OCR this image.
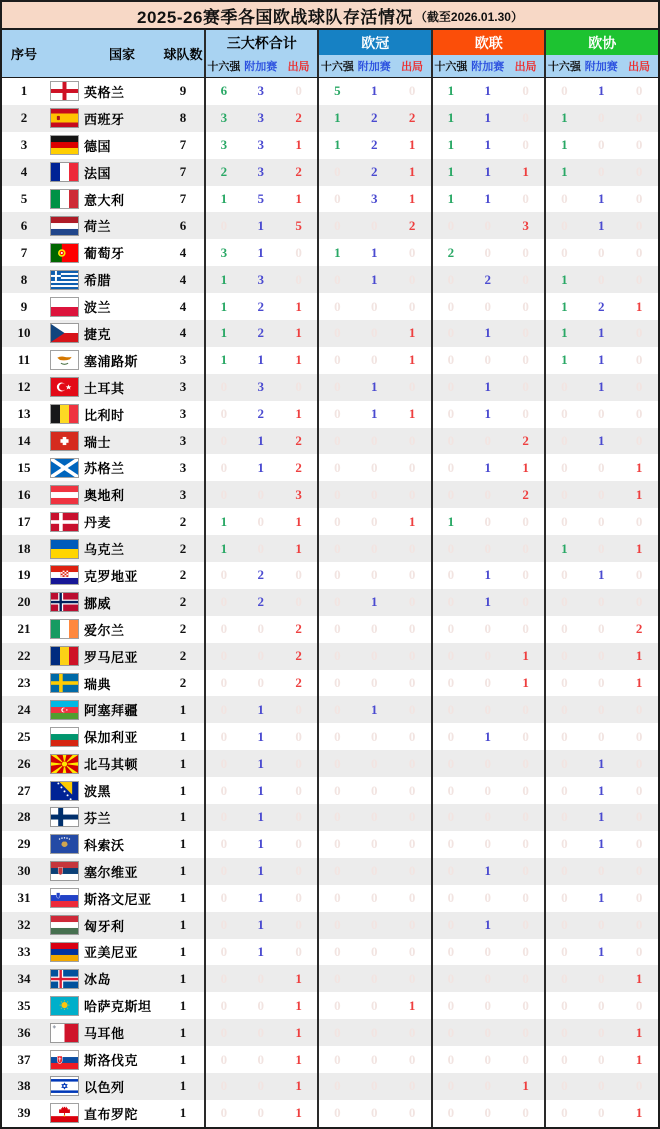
2025-26赛季各国欧战球队存活情况 （截至2026.01.30）
序号	国家	球队数
三大杯合计	欧冠	欧联	欧协
十六强 附加赛 出局	十六强 附加赛 出局	十六强 附加赛 出局	十六强 附加赛 出局
1	英格兰	9	6	3	0	5	1	0	1	1	0	0	1	0
2	西班牙	8	3	3	2	1	2	2	1	1	0	1	0	0
3	德国	7	3	3	1	1	2	1	1	1	0	1	0	0
4	法国	7	2	3	2	0	2	1	1	1	1	1	0	0
5	意大利	7	1	5	1	0	3	1	1	1	0	0	1	0
6	荷兰	6	0	1	5	0	0	2	0	0	3	0	1	0
7	葡萄牙	4	3	1	0	1	1	0	2	0	0	0	0	0
8	希腊	4	1	3	0	0	1	0	0	2	0	1	0	0
9	波兰	4	1	2	1	0	0	0	0	0	0	1	2	1
10	捷克	4	1	2	1	0	0	1	0	1	0	1	1	0
11	塞浦路斯	3	1	1	1	0	0	1	0	0	0	1	1	0
12	土耳其	3	0	3	0	0	1	0	0	1	0	0	1	0
13	比利时	3	0	2	1	0	1	1	0	1	0	0	0	0
14	瑞士	3	0	1	2	0	0	0	0	0	2	0	1	0
15	苏格兰	3	0	1	2	0	0	0	0	1	1	0	0	1
16	奥地利	3	0	0	3	0	0	0	0	0	2	0	0	1
17	丹麦	2	1	0	1	0	0	1	1	0	0	0	0	0
18	乌克兰	2	1	0	1	0	0	0	0	0	0	1	0	1
19	克罗地亚	2	0	2	0	0	0	0	0	1	0	0	1	0
20	挪威	2	0	2	0	0	1	0	0	1	0	0	0	0
21	爱尔兰	2	0	0	2	0	0	0	0	0	0	0	0	2
22	罗马尼亚	2	0	0	2	0	0	0	0	0	1	0	0	1
23	瑞典	2	0	0	2	0	0	0	0	0	1	0	0	1
24	阿塞拜疆	1	0	1	0	0	1	0	0	0	0	0	0	0
25	保加利亚	1	0	1	0	0	0	0	0	1	0	0	0	0
26	北马其顿	1	0	1	0	0	0	0	0	0	0	0	1	0
27	波黑	1	0	1	0	0	0	0	0	0	0	0	1	0
28	芬兰	1	0	1	0	0	0	0	0	0	0	0	1	0
29	科索沃	1	0	1	0	0	0	0	0	0	0	0	1	0
30	塞尔维亚	1	0	1	0	0	0	0	0	1	0	0	0	0
31	斯洛文尼亚	1	0	1	0	0	0	0	0	0	0	0	1	0
32	匈牙利	1	0	1	0	0	0	0	0	1	0	0	0	0
33	亚美尼亚	1	0	1	0	0	0	0	0	0	0	0	1	0
34	冰岛	1	0	0	1	0	0	0	0	0	0	0	0	1
35	哈萨克斯坦	1	0	0	1	0	0	1	0	0	0	0	0	0
36	马耳他	1	0	0	1	0	0	0	0	0	0	0	0	1
37	斯洛伐克	1	0	0	1	0	0	0	0	0	0	0	0	1
38	以色列	1	0	0	1	0	0	0	0	0	1	0	0	0
39	直布罗陀	1	0	0	1	0	0	0	0	0	0	0	0	1
